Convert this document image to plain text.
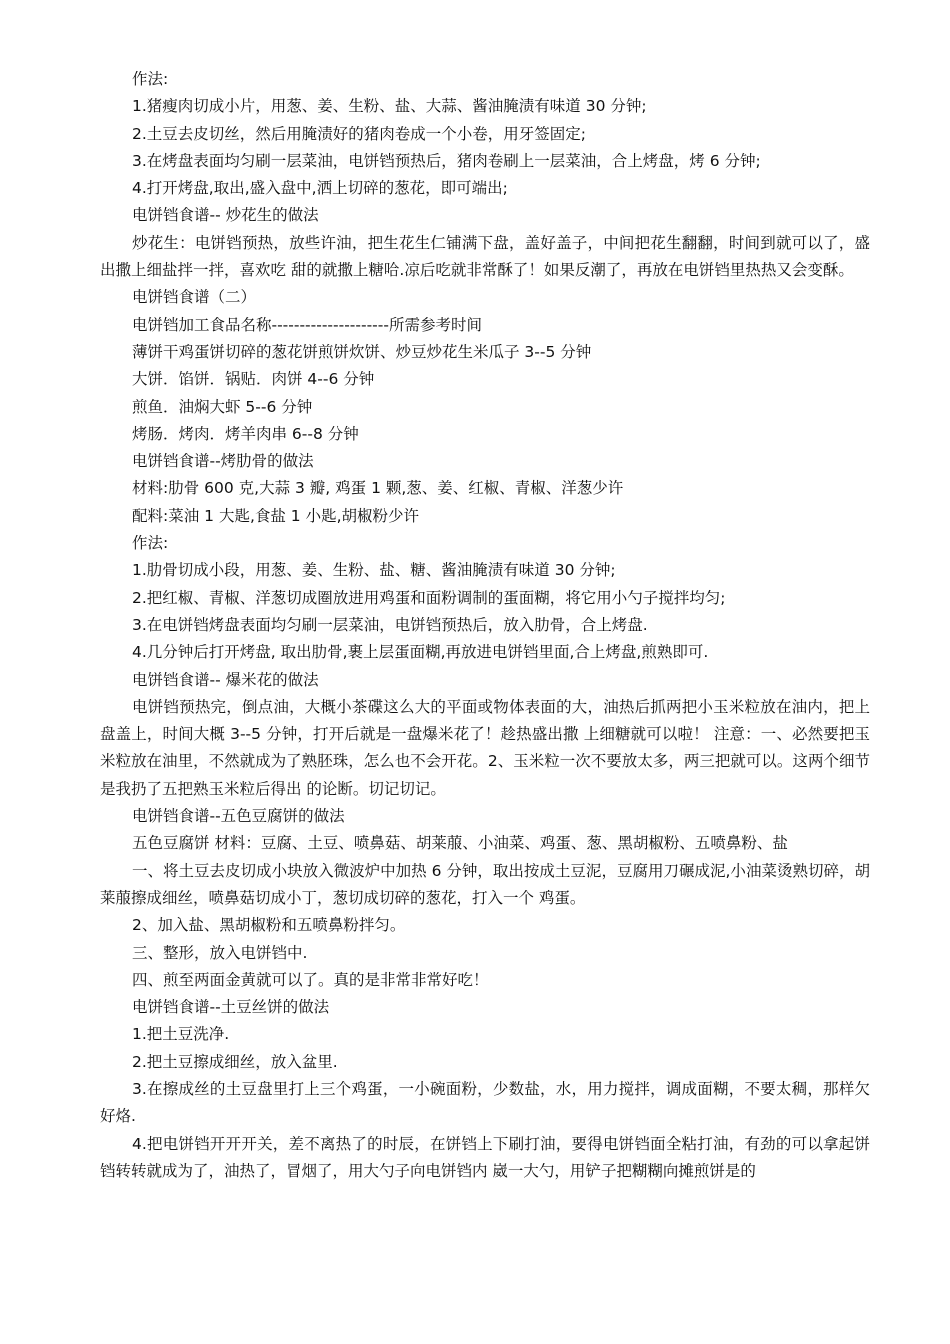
作法:

1.猪瘦肉切成小片，用葱、姜、生粉、盐、大蒜、酱油腌渍有味道 30 分钟;

2.土豆去皮切丝，然后用腌渍好的猪肉卷成一个小卷，用牙签固定;

3.在烤盘表面均匀刷一层菜油，电饼铛预热后，猪肉卷刷上一层菜油，合上烤盘，烤 6 分钟;

4.打开烤盘,取出,盛入盘中,洒上切碎的葱花，即可端出;

电饼铛食谱-- 炒花生的做法

炒花生：电饼铛预热，放些许油，把生花生仁铺满下盘，盖好盖子，中间把花生翻翻，时间到就可以了，盛出撒上细盐拌一拌，喜欢吃 甜的就撒上糖哈.凉后吃就非常酥了！如果反潮了，再放在电饼铛里热热又会变酥。

电饼铛食谱（二）

电饼铛加工食品名称---------------------所需参考时间

薄饼干鸡蛋饼切碎的葱花饼煎饼炊饼、炒豆炒花生米瓜子 3--5 分钟

大饼．馅饼．锅贴．肉饼 4--6 分钟

煎鱼．油焖大虾 5--6 分钟

烤肠．烤肉．烤羊肉串 6--8 分钟

电饼铛食谱--烤肋骨的做法

材料:肋骨 600 克,大蒜 3 瓣, 鸡蛋 1 颗,葱、姜、红椒、青椒、洋葱少许

配料:菜油 1 大匙,食盐 1 小匙,胡椒粉少许

作法:

1.肋骨切成小段，用葱、姜、生粉、盐、糖、酱油腌渍有味道 30 分钟;

2.把红椒、青椒、洋葱切成圈放进用鸡蛋和面粉调制的蛋面糊，将它用小勺子搅拌均匀;

3.在电饼铛烤盘表面均匀刷一层菜油，电饼铛预热后，放入肋骨，合上烤盘.

4.几分钟后打开烤盘, 取出肋骨,裹上层蛋面糊,再放进电饼铛里面,合上烤盘,煎熟即可.

电饼铛食谱-- 爆米花的做法

电饼铛预热完，倒点油，大概小茶碟这么大的平面或物体表面的大，油热后抓两把小玉米粒放在油内，把上盘盖上，时间大概 3--5 分钟，打开后就是一盘爆米花了！趁热盛出撒 上细糖就可以啦！ 注意：一、必然要把玉米粒放在油里，不然就成为了熟胚珠，怎么也不会开花。2、玉米粒一次不要放太多，两三把就可以。这两个细节是我扔了五把熟玉米粒后得出 的论断。切记切记。

电饼铛食谱--五色豆腐饼的做法

五色豆腐饼 材料：豆腐、土豆、喷鼻菇、胡莱菔、小油菜、鸡蛋、葱、黑胡椒粉、五喷鼻粉、盐

一、将土豆去皮切成小块放入微波炉中加热 6 分钟，取出按成土豆泥，豆腐用刀碾成泥,小油菜烫熟切碎，胡莱菔擦成细丝，喷鼻菇切成小丁，葱切成切碎的葱花，打入一个 鸡蛋。

2、加入盐、黑胡椒粉和五喷鼻粉拌匀。

三、整形，放入电饼铛中.

四、煎至两面金黄就可以了。真的是非常非常好吃！

电饼铛食谱--土豆丝饼的做法

1.把土豆洗净.

2.把土豆擦成细丝，放入盆里.

3.在擦成丝的土豆盘里打上三个鸡蛋，一小碗面粉，少数盐，水，用力搅拌，调成面糊，不要太稠，那样欠好烙.

4.把电饼铛开开开关，差不离热了的时辰，在饼铛上下刷打油，要得电饼铛面全粘打油，有劲的可以拿起饼铛转转就成为了，油热了，冒烟了，用大勺子向电饼铛内 崴一大勺，用铲子把糊糊向摊煎饼是的
